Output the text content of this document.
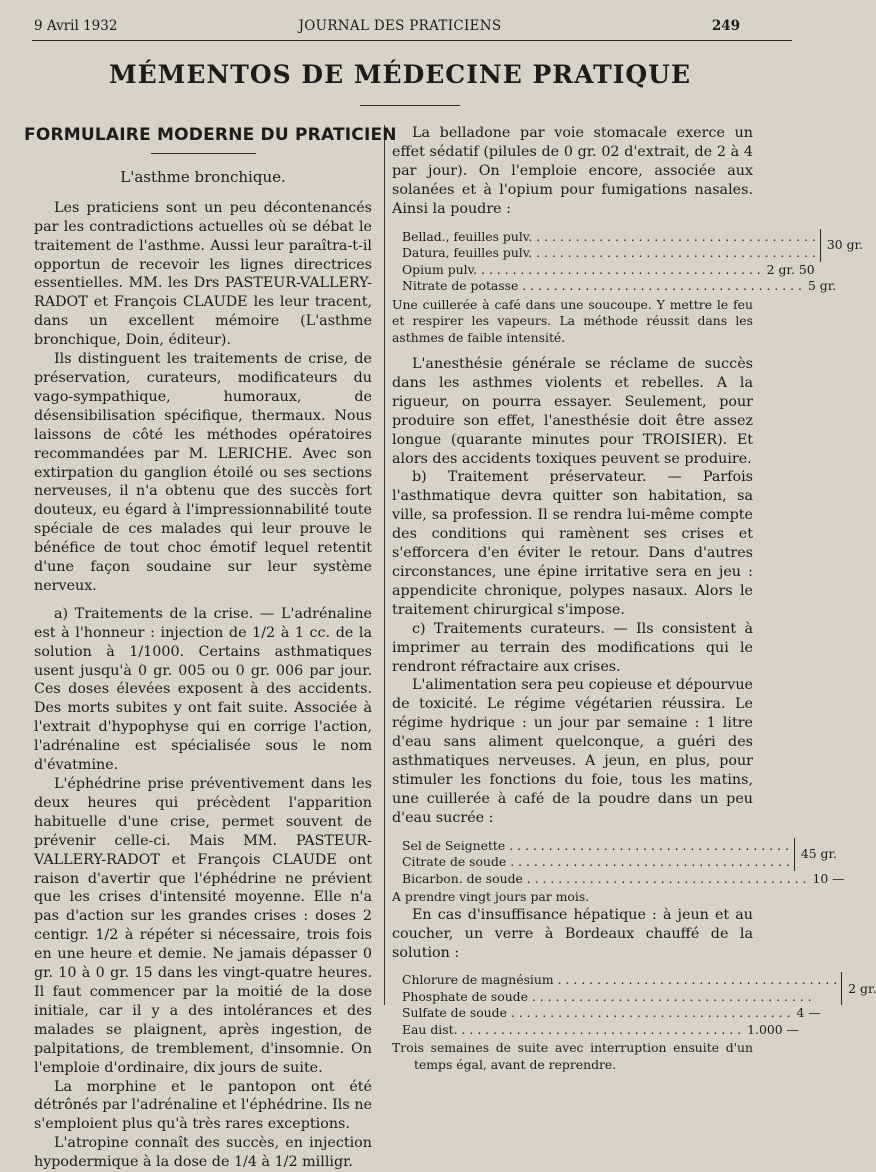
9 Avril 1932	JOURNAL DES PRATICIENS	249
MÉMENTOS DE MÉDECINE PRATIQUE
FORMULAIRE MODERNE DU PRATICIEN
L'asthme bronchique.

Les praticiens sont un peu décontenancés par les contradictions actuelles où se débat le traitement de l'asthme. Aussi leur paraîtra-t-il opportun de recevoir les lignes directrices essentielles. MM. les Drs PASTEUR-VALLERY-RADOT et François CLAUDE les leur tracent, dans un excellent mémoire (L'asthme bronchique, Doin, éditeur).

Ils distinguent les traitements de crise, de préservation, curateurs, modificateurs du vago-sympathique, humoraux, de désensibilisation spécifique, thermaux. Nous laissons de côté les méthodes opératoires recommandées par M. LERICHE. Avec son extirpation du ganglion étoilé ou ses sections nerveuses, il n'a obtenu que des succès fort douteux, eu égard à l'impressionnabilité toute spéciale de ces malades qui leur prouve le bénéfice de tout choc émotif lequel retentit d'une façon soudaine sur leur système nerveux.

a) Traitements de la crise. — L'adrénaline est à l'honneur : injection de 1/2 à 1 cc. de la solution à 1/1000. Certains asthmatiques usent jusqu'à 0 gr. 005 ou 0 gr. 006 par jour. Ces doses élevées exposent à des accidents. Des morts subites y ont fait suite. Associée à l'extrait d'hypophyse qui en corrige l'action, l'adrénaline est spécialisée sous le nom d'évatmine.

L'éphédrine prise préventivement dans les deux heures qui précèdent l'apparition habituelle d'une crise, permet souvent de prévenir celle-ci. Mais MM. PASTEUR-VALLERY-RADOT et François CLAUDE ont raison d'avertir que l'éphédrine ne prévient que les crises d'intensité moyenne. Elle n'a pas d'action sur les grandes crises : doses 2 centigr. 1/2 à répéter si nécessaire, trois fois en une heure et demie. Ne jamais dépasser 0 gr. 10 à 0 gr. 15 dans les vingt-quatre heures. Il faut commencer par la moitié de la dose initiale, car il y a des intolérances et des malades se plaignent, après ingestion, de palpitations, de tremblement, d'insomnie. On l'emploie d'ordinaire, dix jours de suite.

La morphine et le pantopon ont été détrônés par l'adrénaline et l'éphédrine. Ils ne s'emploient plus qu'à très rares exceptions.

L'atropine connaît des succès, en injection hypodermique à la dose de 1/4 à 1/2 milligr.

La belladone par voie stomacale exerce un effet sédatif (pilules de 0 gr. 02 d'extrait, de 2 à 4 par jour). On l'emploie encore, associée aux solanées et à l'opium pour fumigations nasales. Ainsi la poudre :

Bellad., feuilles pulv. . . .
Datura, feuilles pulv. . . .
30 gr.
Opium pulv. . . .	2 gr. 50
Nitrate de potasse . . .	5 gr.
Une cuillerée à café dans une soucoupe. Y mettre le feu et respirer les vapeurs. La méthode réussit dans les asthmes de faible intensité.

L'anesthésie générale se réclame de succès dans les asthmes violents et rebelles. A la rigueur, on pourra essayer. Seulement, pour produire son effet, l'anesthésie doit être assez longue (quarante minutes pour TROISIER). Et alors des accidents toxiques peuvent se produire.

b) Traitement préservateur. — Parfois l'asthmatique devra quitter son habitation, sa ville, sa profession. Il se rendra lui-même compte des conditions qui ramènent ses crises et s'efforcera d'en éviter le retour. Dans d'autres circonstances, une épine irritative sera en jeu : appendicite chronique, polypes nasaux. Alors le traitement chirurgical s'impose.

c) Traitements curateurs. — Ils consistent à imprimer au terrain des modifications qui le rendront réfractaire aux crises.

L'alimentation sera peu copieuse et dépourvue de toxicité. Le régime végétarien réussira. Le régime hydrique : un jour par semaine : 1 litre d'eau sans aliment quelconque, a guéri des asthmatiques nerveuses. A jeun, en plus, pour stimuler les fonctions du foie, tous les matins, une cuillerée à café de la poudre dans un peu d'eau sucrée :

Sel de Seignette . . .
Citrate de soude . . .
45 gr.
Bicarbon. de soude . . .	10 —
A prendre vingt jours par mois.

En cas d'insuffisance hépatique : à jeun et au coucher, un verre à Bordeaux chauffé de la solution :

Chlorure de magnésium . . .
Phosphate de soude . . .
2 gr.
Sulfate de soude . . .	4 —
Eau dist. . . .	1.000 —
Trois semaines de suite avec interruption ensuite d'un temps égal, avant de reprendre.
